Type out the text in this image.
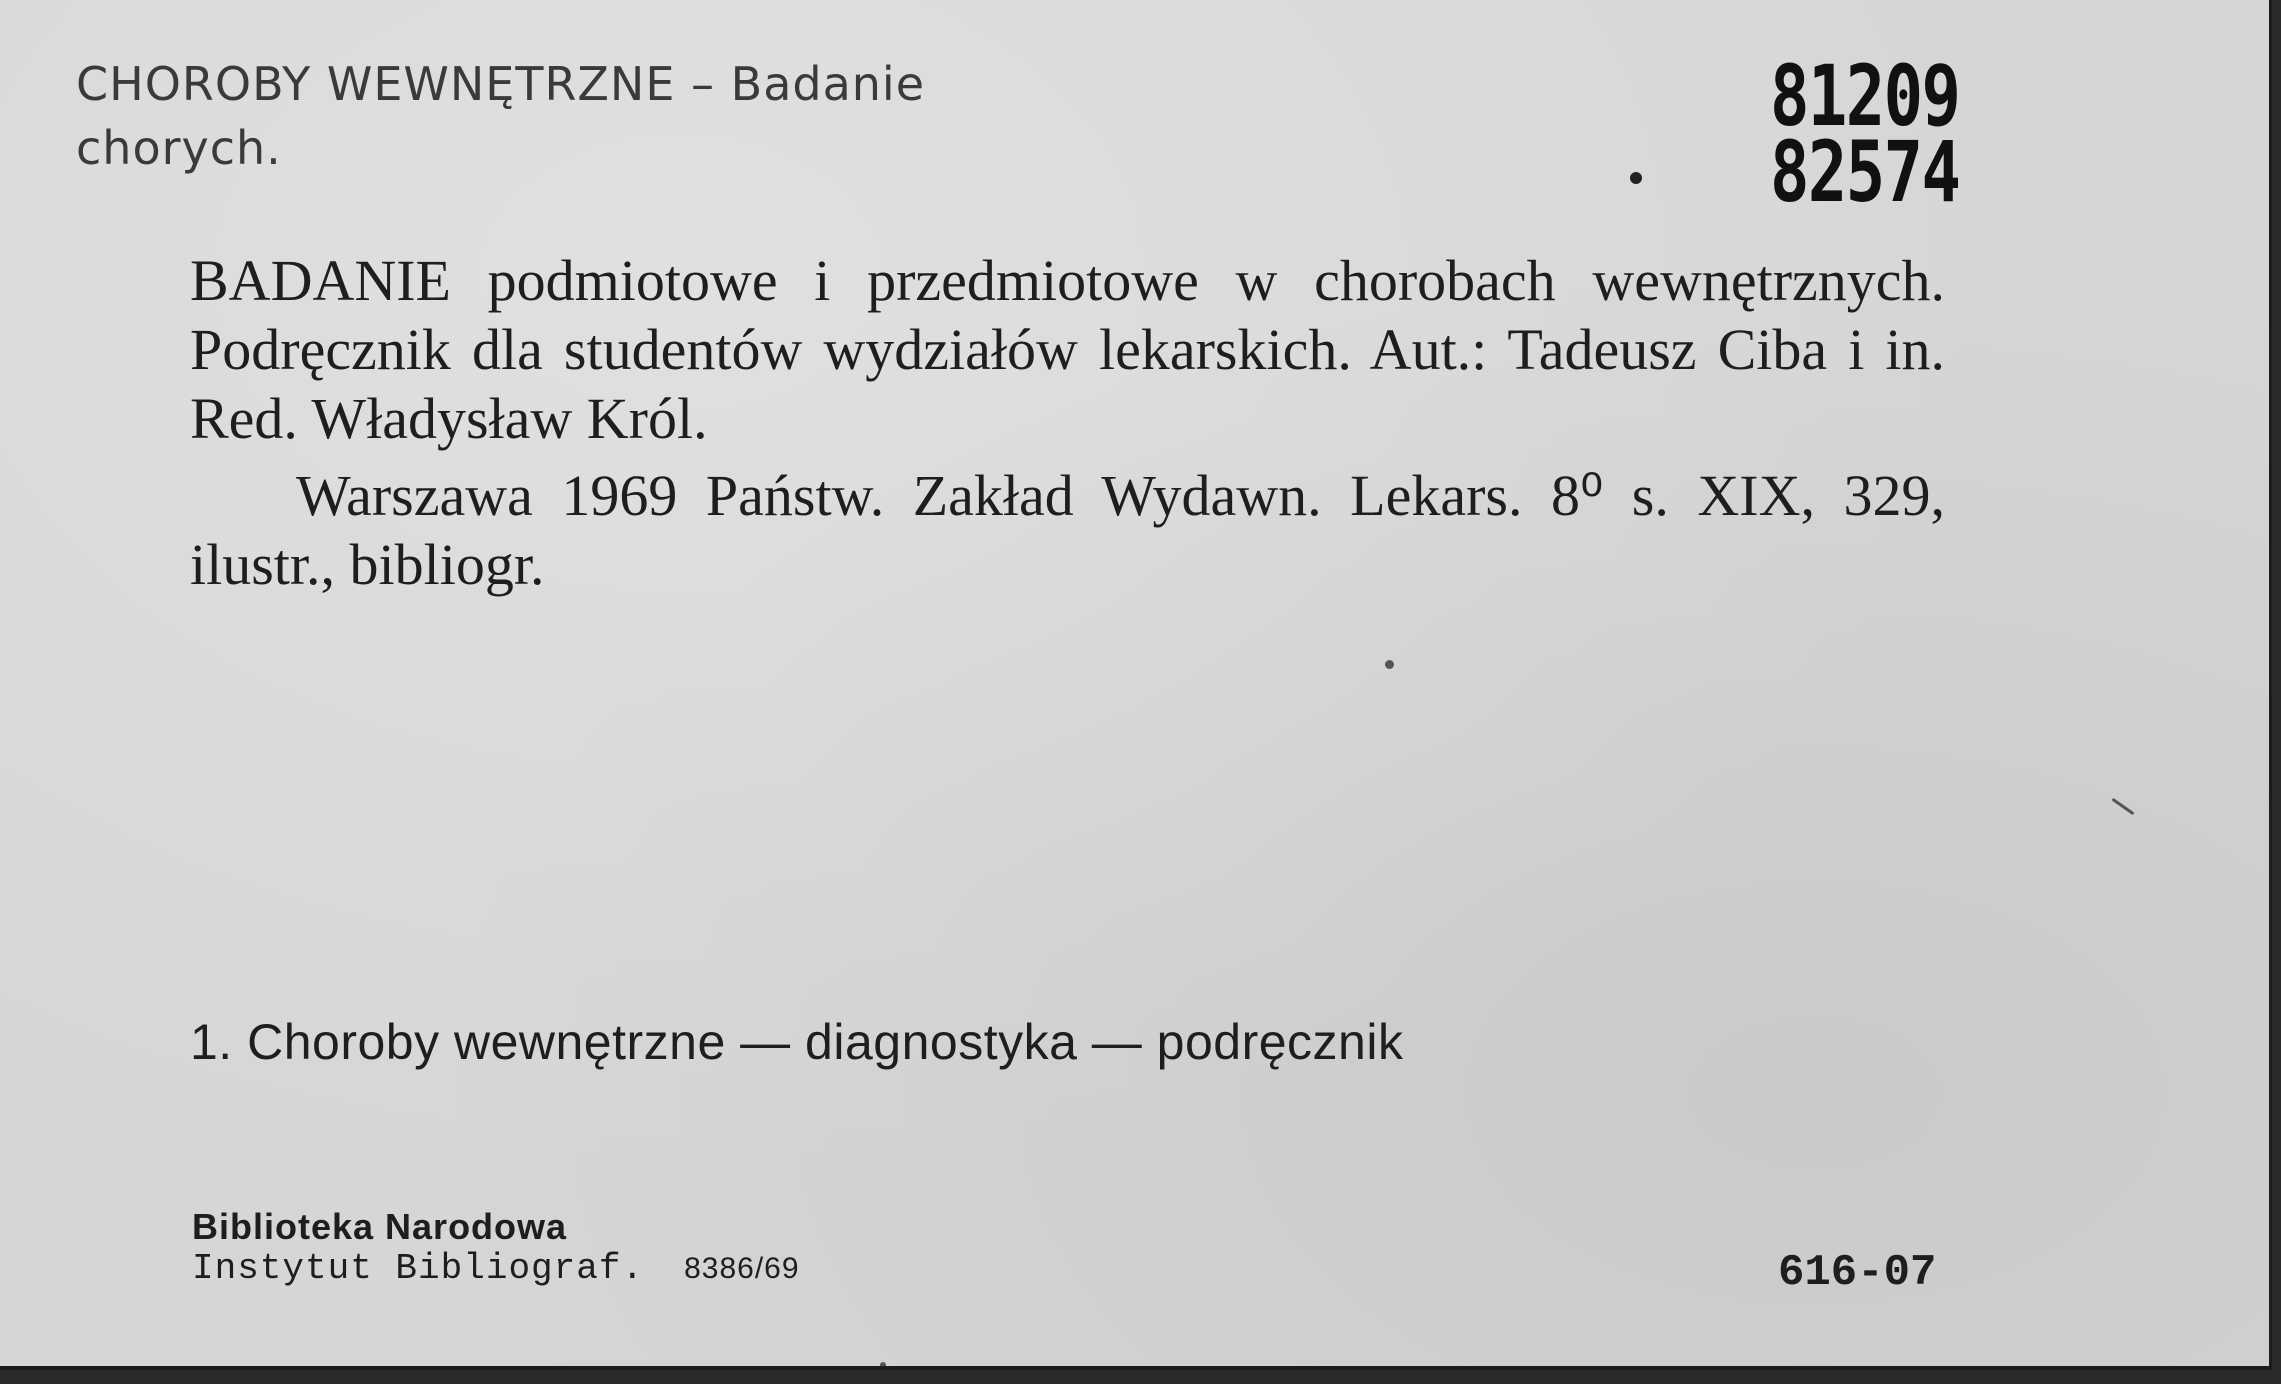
CHOROBY WEWNĘTRZNE – Badanie
chorych.
81209
82574

BADANIE podmiotowe i przedmiotowe w chorobach wewnętrznych. Podręcznik dla studentów wydziałów lekarskich. Aut.: Tadeusz Ciba i in. Red. Władysław Król.

Warszawa 1969 Państw. Zakład Wydawn. Lekars. 8⁰ s. XIX, 329, ilustr., bibliogr.

1. Choroby wewnętrzne — diagnostyka — podręcznik
Biblioteka Narodowa
Instytut Bibliograf. 8386/69	616-07
